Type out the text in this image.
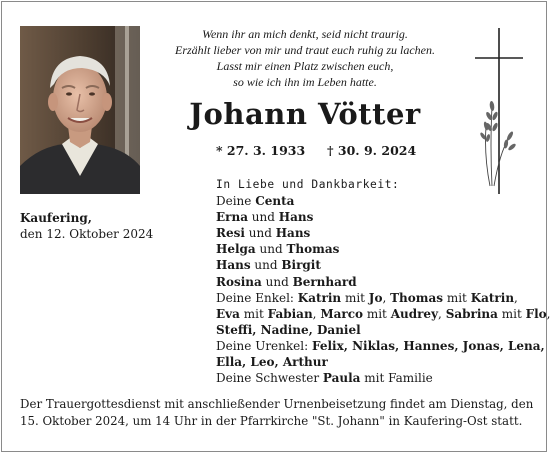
Wenn ihr an mich denkt, seid nicht traurig.
Erzählt lieber von mir und traut euch ruhig zu lachen.
Lasst mir einen Platz zwischen euch,
so wie ich ihn im Leben hatte.
Johann Vötter
* 27. 3. 1933 † 30. 9. 2024
Kaufering,
den 12. Oktober 2024
In Liebe und Dankbarkeit:
Deine Centa
Erna und Hans
Resi und Hans
Helga und Thomas
Hans und Birgit
Rosina und Bernhard
Deine Enkel: Katrin mit Jo, Thomas mit Katrin,
Eva mit Fabian, Marco mit Audrey, Sabrina mit Flo,
Steffi, Nadine, Daniel
Deine Urenkel: Felix, Niklas, Hannes, Jonas, Lena,
Ella, Leo, Arthur
Deine Schwester Paula mit Familie
Der Trauergottesdienst mit anschließender Urnenbeisetzung findet am Dienstag, den
15. Oktober 2024, um 14 Uhr in der Pfarrkirche "St. Johann" in Kaufering-Ost statt.
